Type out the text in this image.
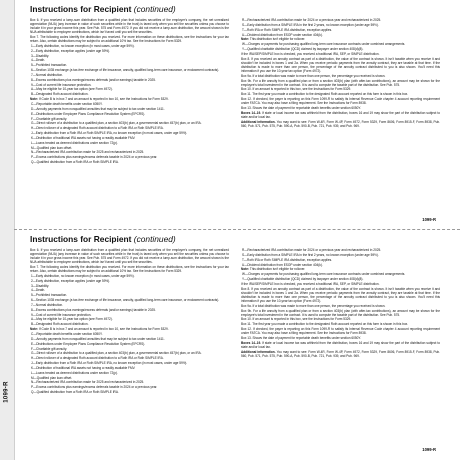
1099-R
Instructions for Recipient (continued)
Box 6. If you received a lump-sum distribution from a qualified plan that includes securities of the employer's company, the net unrealized appreciation (NUA) (any increase in value of such securities while in the trust) is taxed only when you sell the securities unless you choose to include it in your gross income this year. See Pub. 575 and Form 4972. If you did not receive a lump-sum distribution, the amount shown is the NUA attributable to employee contributions, which isn't taxed until you sell the securities.
Box 7. The following codes identify the distribution you received. For more information on these distributions, see the instructions for your tax return. Also, certain distributions may be subject to an additional 10% tax. See the Instructions for Form 5329.
1—Early distribution, no known exception (in most cases, under age 59½).
2—Early distribution, exception applies (under age 59½).
3—Disability.
4—Death.
5—Prohibited transaction.
6—Section 1035 exchange (a tax-free exchange of life insurance, annuity, qualified long-term care insurance, or endowment contracts).
7—Normal distribution.
8—Excess contributions plus earnings/excess deferrals (and/or earnings) taxable in 2025.
9—Cost of current life insurance protection.
A—May be eligible for 10-year tax option (see Form 4972).
B—Designated Roth account distribution.
Note: If Code B is in box 7 and an amount is reported in box 10, see the Instructions for Form 5329.
C—Reportable death benefits under section 6050Y.
D—Annuity payments from nonqualified annuities that may be subject to tax under section 1411.
E—Distributions under Employee Plans Compliance Resolution System (EPCRS).
F—Charitable gift annuity.
G—Direct rollover of a distribution to a qualified plan, a section 403(b) plan, a governmental section 457(b) plan, or an IRA.
H—Direct rollover of a designated Roth account distribution to a Roth IRA or Roth SIMPLE IRA.
J—Early distribution from a Roth IRA or Roth SIMPLE IRA, no known exception (in most cases, under age 59½).
K—Distribution of traditional IRA assets not having a readily available FMV.
L—Loans treated as deemed distributions under section 72(p).
M—Qualified plan loan offset.
N—Recharacterized IRA contribution made for 2025 and recharacterized in 2025.
P—Excess contributions plus earnings/excess deferrals taxable in 2024 or a previous year.
Q—Qualified distribution from a Roth IRA or Roth SIMPLE IRA.
R—Recharacterized IRA contribution made for 2024 or a previous year and recharacterized in 2025.
S—Early distribution from a SIMPLE IRA in the first 2 years, no known exception (under age 59½).
T—Roth IRA or Roth SIMPLE IRA distribution, exception applies.
U—Dividend distribution from ESOP under section 404(k).
Note: This distribution isn't eligible for rollover.
W—Charges or payments for purchasing qualified long-term care insurance contracts under combined arrangements.
Y—Qualified charitable distribution (QCD) claimed by taxpayer under section 408(d)(8).
If the IRA/SEP/SIMPLE box is checked, you received a traditional IRA, SEP, or SIMPLE distribution.
Box 8. If you received an annuity contract as part of a distribution, the value of the contract is shown. It isn't taxable when you receive it and shouldn't be included in boxes 1 and 2a. When you receive periodic payments from the annuity contract, they are taxable at that time. If the distribution is made to more than one person, the percentage of the annuity contract distributed to you is also shown. You'll need this information if you use the 10-year tax option (Form 4972).
Box 9a. If a total distribution was made to more than one person, the percentage you received is shown.
Box 9b. For a life annuity from a qualified plan or from a section 403(b) plan (with after-tax contributions), an amount may be shown for the employee's total investment in the contract. It is used to compute the taxable part of the distribution. See Pub. 575.
Box 10. If an amount is reported in this box, see the Instructions for Form 5329.
Box 11. The first year you made a contribution to the designated Roth account reported on this form is shown in this box.
Box 12. If checked, the payer is reporting on this Form 1099-R to satisfy its Internal Revenue Code chapter 4 account reporting requirement under FATCA. You may also have a filing requirement. See the Instructions for Form 8938.
Box 13. Shows the date of payment for reportable death benefits under section 6050Y.
Boxes 14–19. If state or local income tax was withheld from the distribution, boxes 16 and 19 may show the part of the distribution subject to state and/or local tax.
Additional information. You may want to see: Form W-4R, Form W-4P, Form 4972, Form 5329, Form 8606, Form 8915-F, Form 8938, Pub. 560, Pub. 571, Pub. 575, Pub. 590-A, Pub. 590-B, Pub. 721, Pub. 939, and Pub. 969.
1099-R
Instructions for Recipient (continued)
Box 6. If you received a lump-sum distribution from a qualified plan that includes securities of the employer's company, the net unrealized appreciation (NUA) (any increase in value of such securities while in the trust) is taxed only when you sell the securities unless you choose to include it in your gross income this year. See Pub. 575 and Form 4972. If you did not receive a lump-sum distribution, the amount shown is the NUA attributable to employee contributions, which isn't taxed until you sell the securities.
Box 7. The following codes identify the distribution you received. For more information on these distributions, see the instructions for your tax return. Also, certain distributions may be subject to an additional 10% tax. See the Instructions for Form 5329.
1—Early distribution, no known exception (in most cases, under age 59½).
2—Early distribution, exception applies (under age 59½).
3—Disability.
4—Death.
5—Prohibited transaction.
6—Section 1035 exchange (a tax-free exchange of life insurance, annuity, qualified long-term care insurance, or endowment contracts).
7—Normal distribution.
8—Excess contributions plus earnings/excess deferrals (and/or earnings) taxable in 2025.
9—Cost of current life insurance protection.
A—May be eligible for 10-year tax option (see Form 4972).
B—Designated Roth account distribution.
Note: If Code B is in box 7 and an amount is reported in box 10, see the Instructions for Form 5329.
C—Reportable death benefits under section 6050Y.
D—Annuity payments from nonqualified annuities that may be subject to tax under section 1411.
E—Distributions under Employee Plans Compliance Resolution System (EPCRS).
F—Charitable gift annuity.
G—Direct rollover of a distribution to a qualified plan, a section 403(b) plan, a governmental section 457(b) plan, or an IRA.
H—Direct rollover of a designated Roth account distribution to a Roth IRA or Roth SIMPLE IRA.
J—Early distribution from a Roth IRA or Roth SIMPLE IRA, no known exception (in most cases, under age 59½).
K—Distribution of traditional IRA assets not having a readily available FMV.
L—Loans treated as deemed distributions under section 72(p).
M—Qualified plan loan offset.
N—Recharacterized IRA contribution made for 2025 and recharacterized in 2025.
P—Excess contributions plus earnings/excess deferrals taxable in 2024 or a previous year.
Q—Qualified distribution from a Roth IRA or Roth SIMPLE IRA.
R—Recharacterized IRA contribution made for 2024 or a previous year and recharacterized in 2025.
S—Early distribution from a SIMPLE IRA in the first 2 years, no known exception (under age 59½).
T—Roth IRA or Roth SIMPLE IRA distribution, exception applies.
U—Dividend distribution from ESOP under section 404(k).
Note: This distribution isn't eligible for rollover.
W—Charges or payments for purchasing qualified long-term care insurance contracts under combined arrangements.
Y—Qualified charitable distribution (QCD) claimed by taxpayer under section 408(d)(8).
If the IRA/SEP/SIMPLE box is checked, you received a traditional IRA, SEP, or SIMPLE distribution.
Box 8. If you received an annuity contract as part of a distribution, the value of the contract is shown. It isn't taxable when you receive it and shouldn't be included in boxes 1 and 2a. When you receive periodic payments from the annuity contract, they are taxable at that time. If the distribution is made to more than one person, the percentage of the annuity contract distributed to you is also shown. You'll need this information if you use the 10-year tax option (Form 4972).
Box 9a. If a total distribution was made to more than one person, the percentage you received is shown.
Box 9b. For a life annuity from a qualified plan or from a section 403(b) plan (with after-tax contributions), an amount may be shown for the employee's total investment in the contract. It is used to compute the taxable part of the distribution. See Pub. 575.
Box 10. If an amount is reported in this box, see the Instructions for Form 5329.
Box 11. The first year you made a contribution to the designated Roth account reported on this form is shown in this box.
Box 12. If checked, the payer is reporting on this Form 1099-R to satisfy its Internal Revenue Code chapter 4 account reporting requirement under FATCA. You may also have a filing requirement. See the Instructions for Form 8938.
Box 13. Shows the date of payment for reportable death benefits under section 6050Y.
Boxes 14–19. If state or local income tax was withheld from the distribution, boxes 16 and 19 may show the part of the distribution subject to state and/or local tax.
Additional information. You may want to see: Form W-4R, Form W-4P, Form 4972, Form 5329, Form 8606, Form 8915-F, Form 8938, Pub. 560, Pub. 571, Pub. 575, Pub. 590-A, Pub. 590-B, Pub. 721, Pub. 939, and Pub. 969.
1099-R
